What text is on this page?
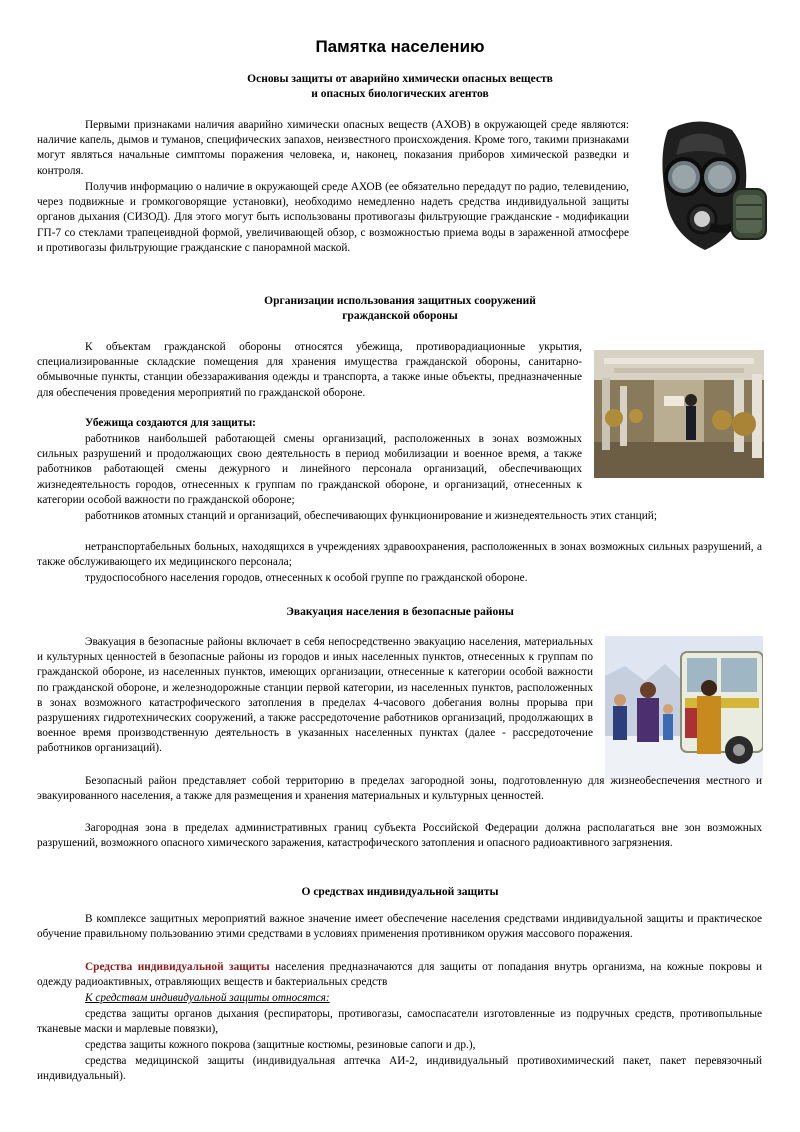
Памятка населению
Основы защиты от аварийно химически опасных веществ
и опасных биологических агентов

Первыми признаками наличия аварийно химически опасных веществ (АХОВ) в окружающей среде являются: наличие капель, дымов и туманов, специфических запахов, неизвестного происхождения. Кроме того, такими признаками могут являться начальные симптомы поражения человека, и, наконец, показания приборов химической разведки и контроля.

Получив информацию о наличие в окружающей среде АХОВ (ее обязательно передадут по радио, телевидению, через подвижные и громкоговорящие установки), необходимо немедленно надеть средства индивидуальной защиты органов дыхания (СИЗОД). Для этого могут быть использованы противогазы фильтрующие гражданские - модификации ГП-7 со стеклами трапецеивдной формой, увеличивающей обзор, с возможностью приема воды в зараженной атмосфере и противогазы фильтрующие гражданские с панорамной маской.

Организации использования защитных сооружений
гражданской обороны

К объектам гражданской обороны относятся убежища, противорадиационные укрытия, специализированные складские помещения для хранения имущества гражданской обороны, санитарно-обмывочные пункты, станции обеззараживания одежды и транспорта, а также иные объекты, предназначенные для обеспечения проведения мероприятий по гражданской обороне.

Убежища создаются для защиты:

работников наибольшей работающей смены организаций, расположенных в зонах возможных сильных разрушений и продолжающих свою деятельность в период мобилизации и военное время, а также работников работающей смены дежурного и линейного персонала организаций, обеспечивающих жизнедеятельность городов, отнесенных к группам по гражданской обороне, и организаций, отнесенных к категории особой важности по гражданской обороне;

работников атомных станций и организаций, обеспечивающих функционирование и жизнедеятельность этих станций;

нетранспортабельных больных, находящихся в учреждениях здравоохранения, расположенных в зонах возможных сильных разрушений, а также обслуживающего их медицинского персонала;

трудоспособного населения городов, отнесенных к особой группе по гражданской обороне.

Эвакуация населения в безопасные районы

Эвакуация в безопасные районы включает в себя непосредственно эвакуацию населения, материальных и культурных ценностей в безопасные районы из городов и иных населенных пунктов, отнесенных к группам по гражданской обороне, из населенных пунктов, имеющих организации, отнесенные к категории особой важности по гражданской обороне, и железнодорожные станции первой категории, из населенных пунктов, расположенных в зонах возможного катастрофического затопления в пределах 4-часового добегания волны прорыва при разрушениях гидротехнических сооружений, а также рассредоточение работников организаций, продолжающих в военное время производственную деятельность в указанных населенных пунктах (далее - рассредоточение работников организаций).

Безопасный район представляет собой территорию в пределах загородной зоны, подготовленную для жизнеобеспечения местного и эвакуированного населения, а также для размещения и хранения материальных и культурных ценностей.

Загородная зона в пределах административных границ субъекта Российской Федерации должна располагаться вне зон возможных разрушений, возможного опасного химического заражения, катастрофического затопления и опасного радиоактивного загрязнения.

О средствах индивидуальной защиты

В комплексе защитных мероприятий важное значение имеет обеспечение населения средствами индивидуальной защиты и практическое обучение правильному пользованию этими средствами в условиях применения противником оружия массового поражения.

Средства индивидуальной защиты населения предназначаются для защиты от попадания внутрь организма, на кожные покровы и одежду радиоактивных, отравляющих веществ и бактериальных средств

К средствам индивидуальной защиты относятся:

средства защиты органов дыхания (респираторы, противогазы, самоспасатели изготовленные из подручных средств, противопыльные тканевые маски и марлевые повязки),

средства защиты кожного покрова (защитные костюмы, резиновые сапоги и др.),

средства медицинской защиты (индивидуальная аптечка АИ-2, индивидуальный противохимический пакет, пакет перевязочный индивидуальный).
